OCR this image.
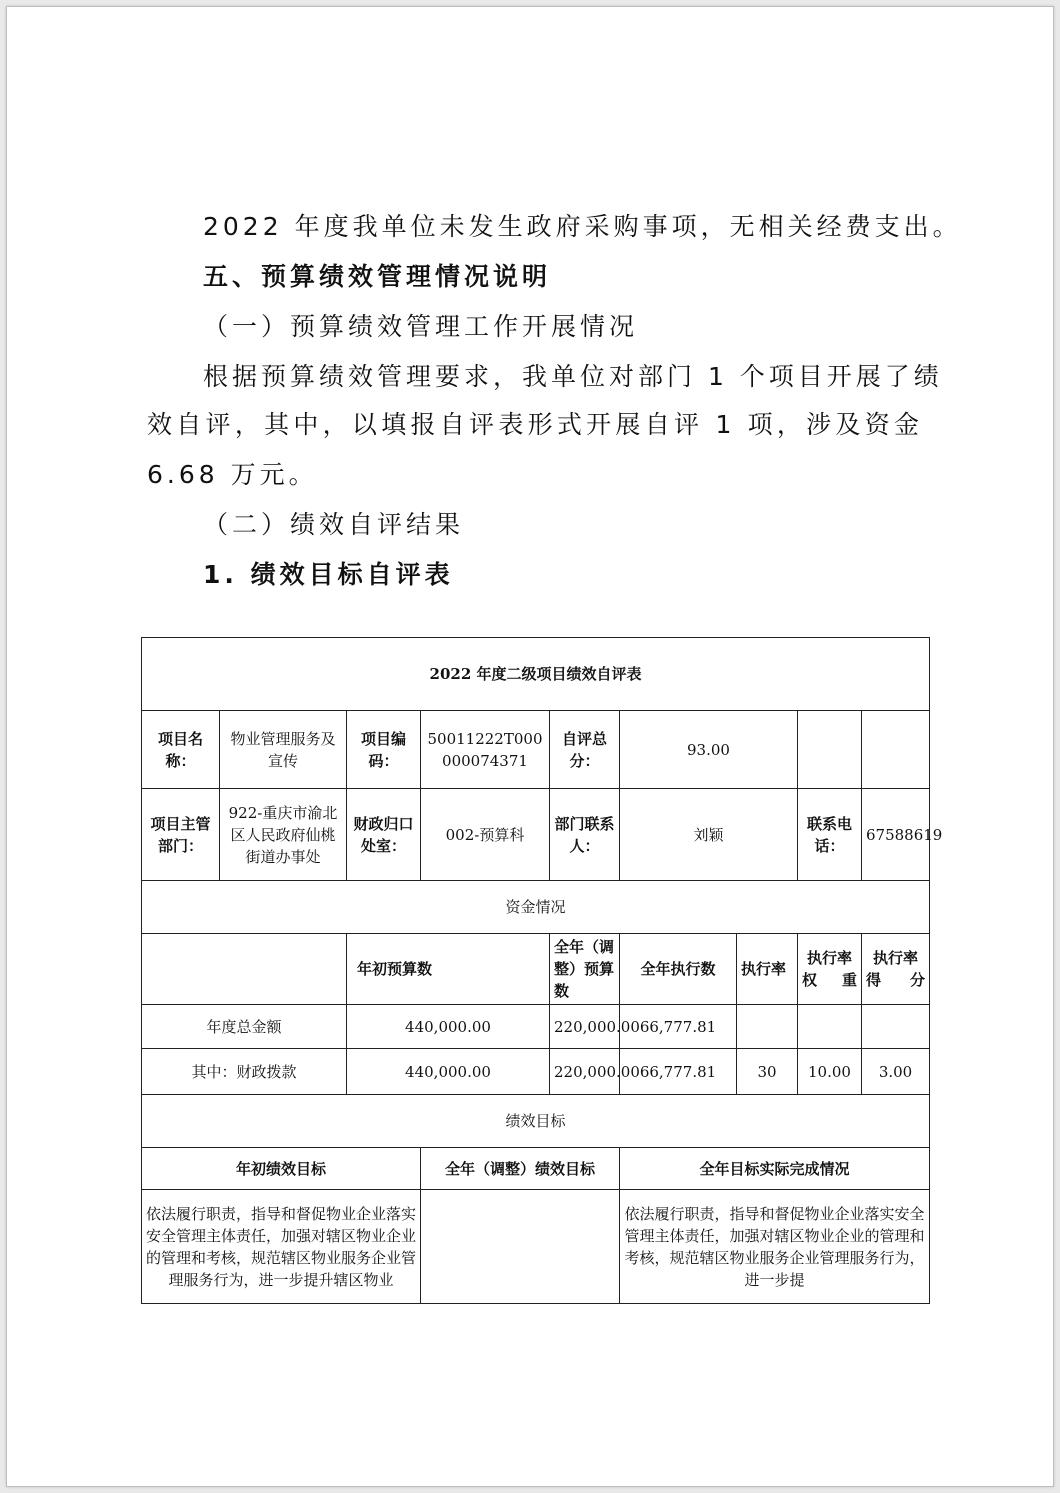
2022 年度我单位未发生政府采购事项，无相关经费支出。
五、预算绩效管理情况说明
（一）预算绩效管理工作开展情况
根据预算绩效管理要求，我单位对部门 1 个项目开展了绩
效自评，其中，以填报自评表形式开展自评 1 项，涉及资金
6.68 万元。
（二）绩效自评结果
1. 绩效目标自评表
2022 年度二级项目绩效自评表								
项目名称：	物业管理服务及宣传	项目编码：	50011222T000000074371	自评总分：	93.00			
项目主管部门：	922-重庆市渝北区人民政府仙桃街道办事处	财政归口处室：	002-预算科	部门联系人：	刘颖		联系电话：	67588619
资金情况								
		年初预算数		全年（调整）预算数	全年执行数	执行率	执行率权重	执行率得分
年度总金额		440,000.00		220,000.00	66,777.81			
其中：财政拨款		440,000.00		220,000.00	66,777.81	30	10.00	3.00
绩效目标								
年初绩效目标			全年（调整）绩效目标		全年目标实际完成情况			
依法履行职责，指导和督促物业企业落实安全管理主体责任，加强对辖区物业企业的管理和考核，规范辖区物业服务企业管理服务行为，进一步提升辖区物业					依法履行职责，指导和督促物业企业落实安全管理主体责任，加强对辖区物业企业的管理和考核，规范辖区物业服务企业管理服务行为，进一步提			
